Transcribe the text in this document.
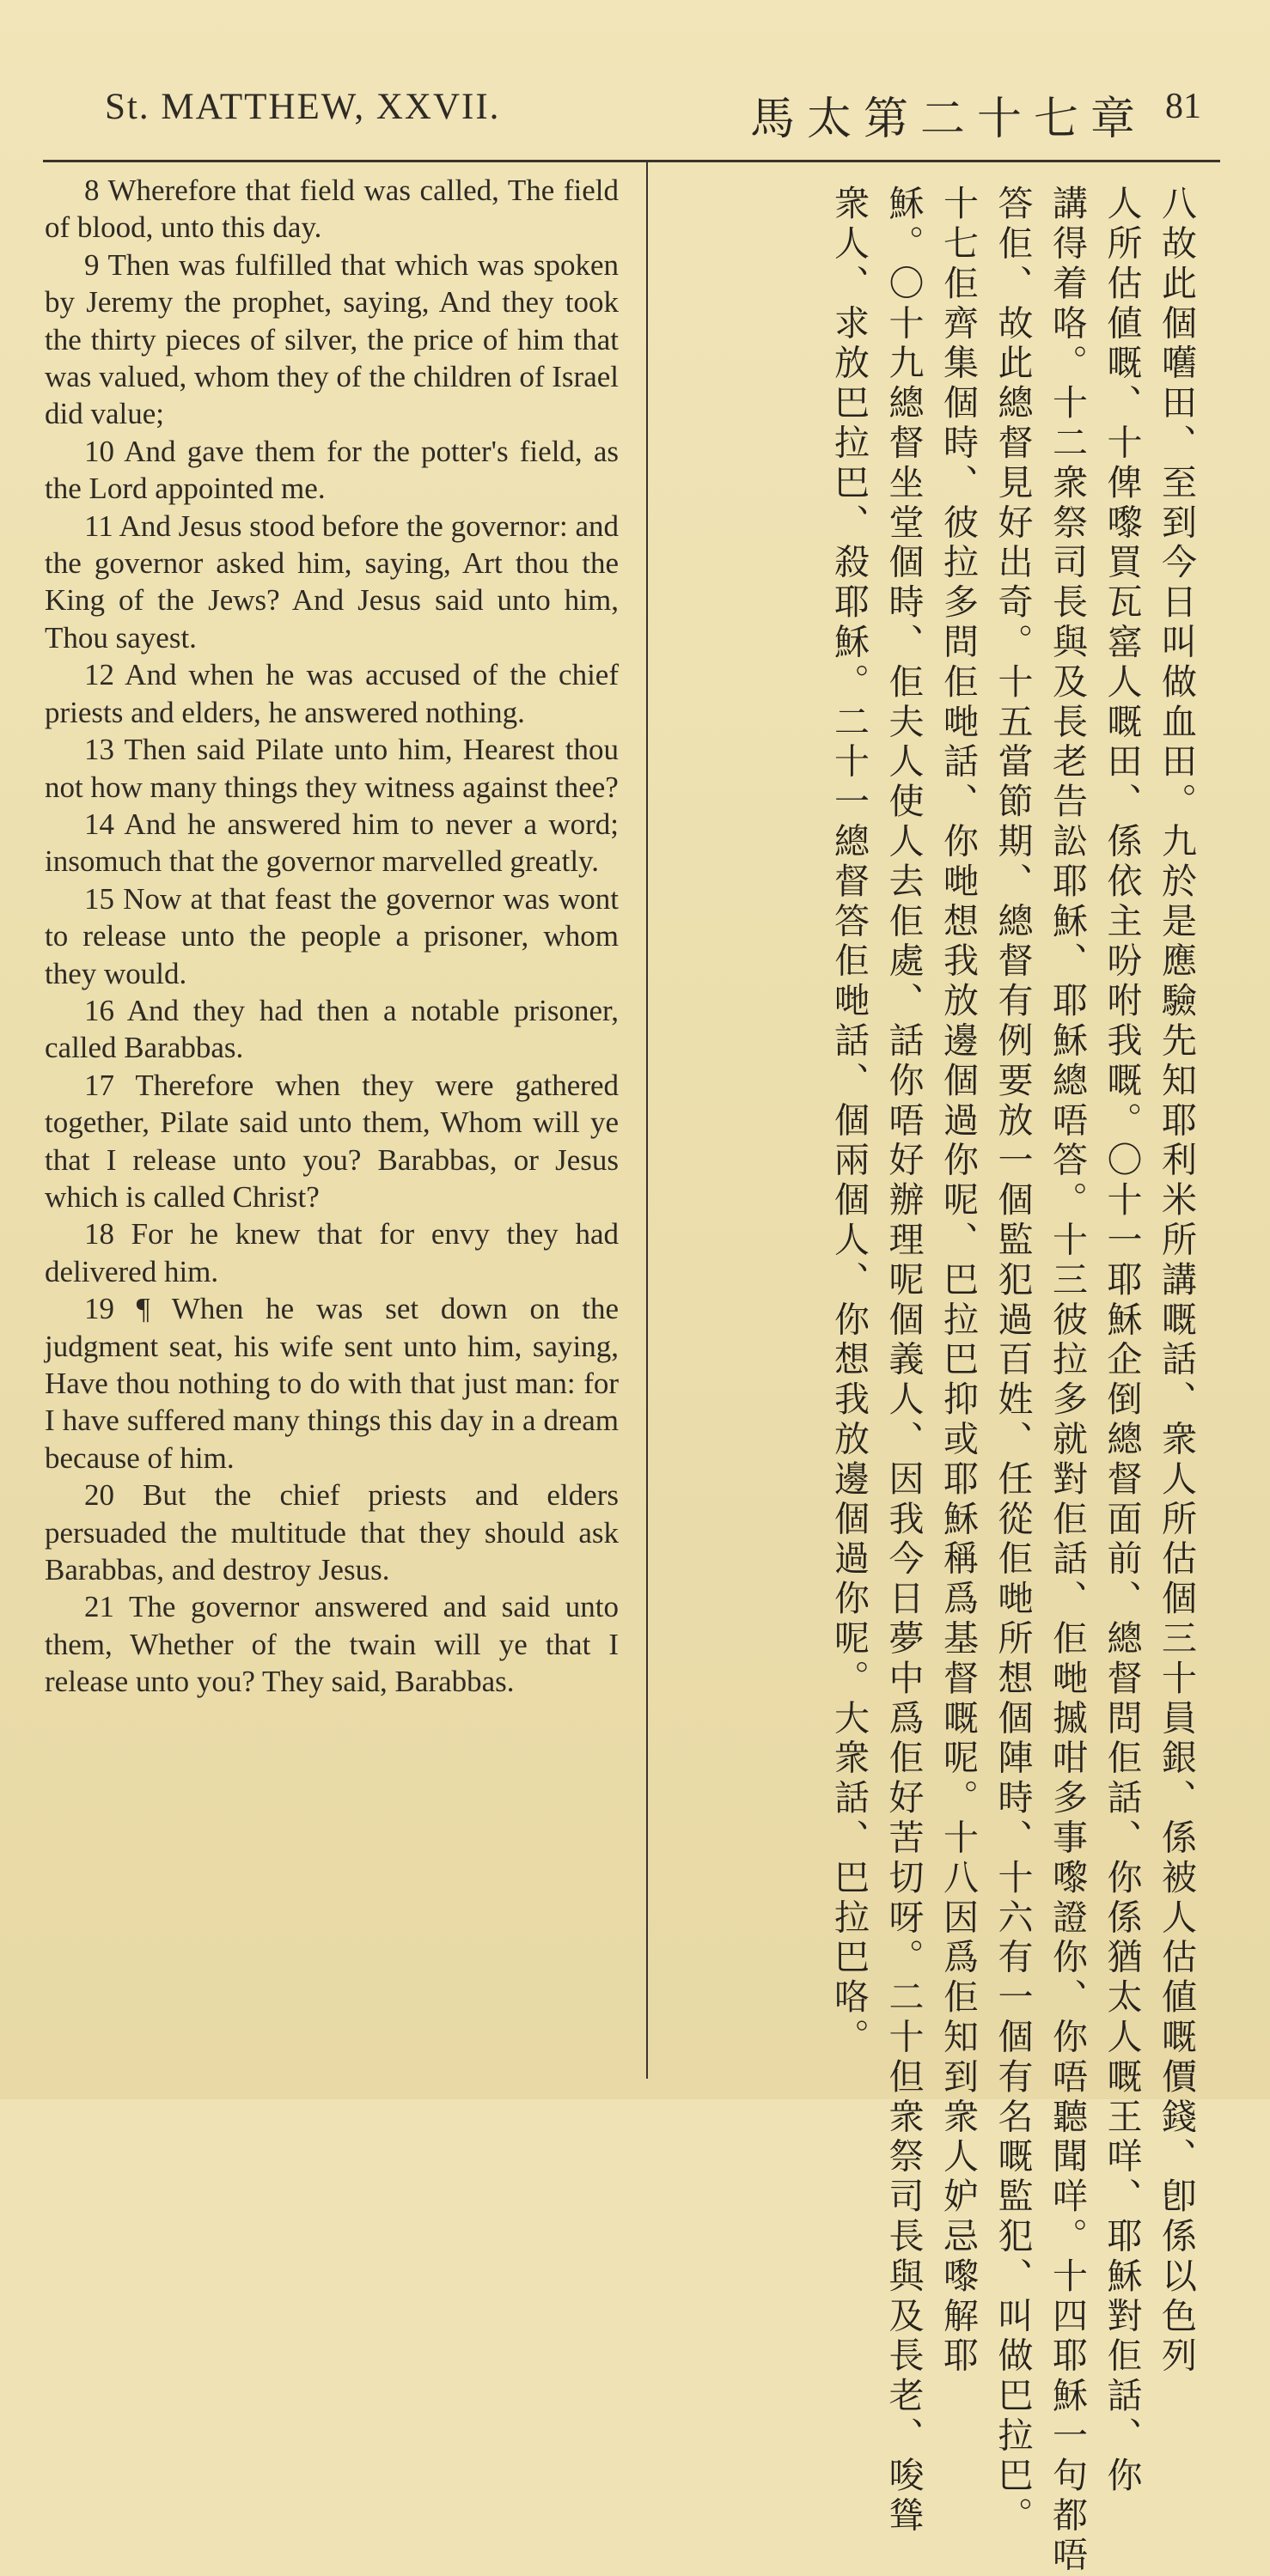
St. MATTHEW, XXVII.	馬太第二十七章 81

8 Wherefore that field was called, The field of blood, unto this day.

9 Then was fulfilled that which was spoken by Jeremy the prophet, saying, And they took the thirty pieces of silver, the price of him that was valued, whom they of the children of Israel did value;

10 And gave them for the potter's field, as the Lord appointed me.

11 And Jesus stood before the governor: and the governor asked him, saying, Art thou the King of the Jews? And Jesus said unto him, Thou sayest.

12 And when he was accused of the chief priests and elders, he answered nothing.

13 Then said Pilate unto him, Hearest thou not how many things they witness against thee?

14 And he answered him to never a word; insomuch that the governor marvelled greatly.

15 Now at that feast the governor was wont to release unto the people a prisoner, whom they would.

16 And they had then a notable prisoner, called Barabbas.

17 Therefore when they were gathered together, Pilate said unto them, Whom will ye that I release unto you? Barabbas, or Jesus which is called Christ?

18 For he knew that for envy they had delivered him.

19 ¶ When he was set down on the judgment seat, his wife sent unto him, saying, Have thou nothing to do with that just man: for I have suffered many things this day in a dream because of him.

20 But the chief priests and elders persuaded the multitude that they should ask Barabbas, and destroy Jesus.

21 The governor answered and said unto them, Whether of the twain will ye that I release unto you? They said, Barabbas.	八故此個嚿田、至到今日叫做血田。九於是應驗先知耶利米所講嘅話、衆人所估個三十員銀、係被人估値嘅價錢、卽係以色列
人所估値嘅、十俾嚟買瓦窰人嘅田、係依主吩咐我嘅。〇十一耶穌企倒總督面前、總督問佢話、你係猶太人嘅王咩、耶穌對佢話、你
講得着咯。十二衆祭司長與及長老告訟耶穌、耶穌總唔答。十三彼拉多就對佢話、佢哋摵咁多事嚟證你、你唔聽聞咩。十四耶穌一句都唔
答佢、故此總督見好出奇。十五當節期、總督有例要放一個監犯過百姓、任從佢哋所想個陣時、十六有一個有名嘅監犯、叫做巴拉巴。
十七佢齊集個時、彼拉多問佢哋話、你哋想我放邊個過你呢、巴拉巴抑或耶穌稱爲基督嘅呢。十八因爲佢知到衆人妒忌嚟解耶
穌。〇十九總督坐堂個時、佢夫人使人去佢處、話你唔好辦理呢個義人、因我今日夢中爲佢好苦切呀。二十但衆祭司長與及長老、唆聳
衆人、求放巴拉巴、殺耶穌。二十一總督答佢哋話、個兩個人、你想我放邊個過你呢。大衆話、巴拉巴咯。
